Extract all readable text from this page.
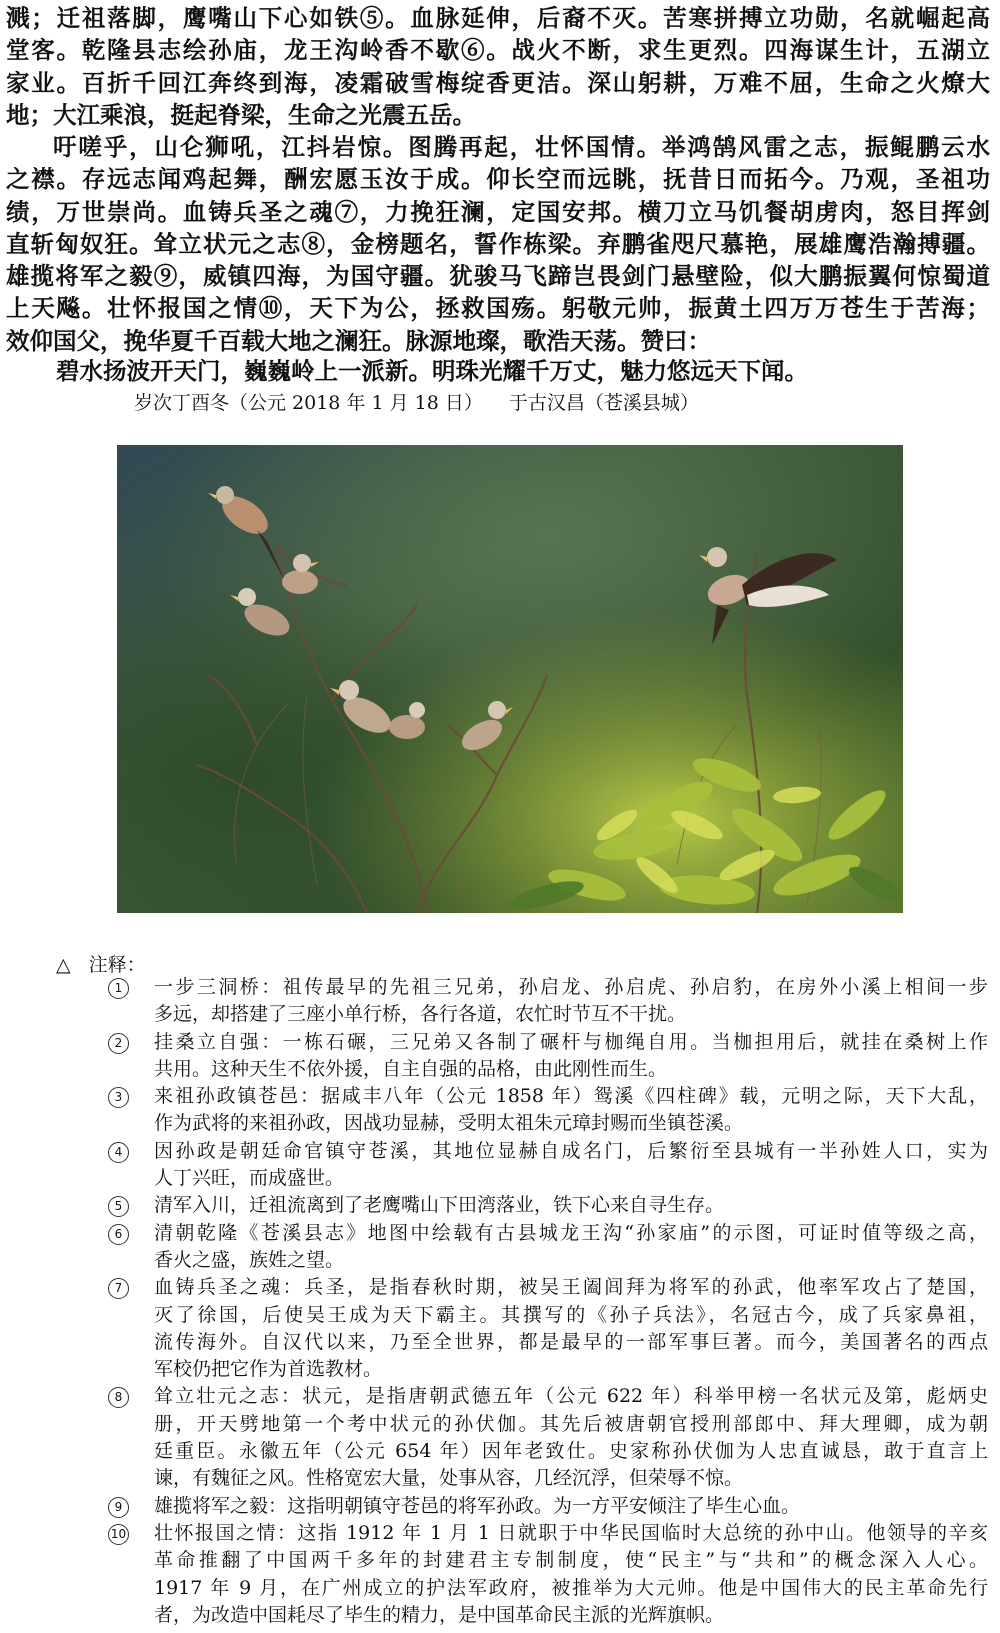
溅；迁祖落脚，鹰嘴山下心如铁⑤。血脉延伸，后裔不灭。苦寒拼搏立功勋，名就崛起高
堂客。乾隆县志绘孙庙，龙王沟岭香不歇⑥。战火不断，求生更烈。四海谋生计，五湖立
家业。百折千回江奔终到海，凌霜破雪梅绽香更洁。深山躬耕，万难不屈，生命之火燎大
地；大江乘浪，挺起脊梁，生命之光震五岳。
吁嗟乎，山仑狮吼，江抖岩惊。图腾再起，壮怀国情。举鸿鹄风雷之志，振鲲鹏云水
之襟。存远志闻鸡起舞，酬宏愿玉汝于成。仰长空而远眺，抚昔日而拓今。乃观，圣祖功
绩，万世崇尚。血铸兵圣之魂⑦，力挽狂澜，定国安邦。横刀立马饥餐胡虏肉，怒目挥剑
直斩匈奴狂。耸立状元之志⑧，金榜题名，誓作栋梁。弃鹏雀咫尺慕艳，展雄鹰浩瀚搏疆。
雄揽将军之毅⑨，威镇四海，为国守疆。犹骏马飞蹄岂畏剑门悬壁险，似大鹏振翼何惊蜀道
上天飚。壮怀报国之情⑩，天下为公，拯救国殇。躬敬元帅，振黄土四万万苍生于苦海；
效仰国父，挽华夏千百载大地之澜狂。脉源地璨，歌浩天荡。赞曰：
碧水扬波开天门，巍巍岭上一派新。明珠光耀千万丈，魅力悠远天下闻。
岁次丁酉冬（公元 2018 年 1 月 18 日） 于古汉昌（苍溪县城）
△ 注释：
1	一步三洞桥：祖传最早的先祖三兄弟，孙启龙、孙启虎、孙启豹，在房外小溪上相间一步
多远，却搭建了三座小单行桥，各行各道，农忙时节互不干扰。
2	挂桑立自强：一栋石碾，三兄弟又各制了碾杆与枷绳自用。当枷担用后，就挂在桑树上作
共用。这种天生不依外援，自主自强的品格，由此刚性而生。
3	来祖孙政镇苍邑：据咸丰八年（公元 1858 年）鸳溪《四柱碑》载，元明之际，天下大乱，
作为武将的来祖孙政，因战功显赫，受明太祖朱元璋封赐而坐镇苍溪。
4	因孙政是朝廷命官镇守苍溪，其地位显赫自成名门，后繁衍至县城有一半孙姓人口，实为
人丁兴旺，而成盛世。
5	清军入川，迁祖流离到了老鹰嘴山下田湾落业，铁下心来自寻生存。
6	清朝乾隆《苍溪县志》地图中绘载有古县城龙王沟“孙家庙”的示图，可证时值等级之高，
香火之盛，族姓之望。
7	血铸兵圣之魂：兵圣，是指春秋时期，被吴王阖闾拜为将军的孙武，他率军攻占了楚国，
灭了徐国，后使吴王成为天下霸主。其撰写的《孙子兵法》，名冠古今，成了兵家鼻祖，
流传海外。自汉代以来，乃至全世界，都是最早的一部军事巨著。而今，美国著名的西点
军校仍把它作为首选教材。
8	耸立壮元之志：状元，是指唐朝武德五年（公元 622 年）科举甲榜一名状元及第，彪炳史
册，开天劈地第一个考中状元的孙伏伽。其先后被唐朝官授刑部郎中、拜大理卿，成为朝
廷重臣。永徽五年（公元 654 年）因年老致仕。史家称孙伏伽为人忠直诚恳，敢于直言上
谏，有魏征之风。性格宽宏大量，处事从容，几经沉浮，但荣辱不惊。
9	雄揽将军之毅：这指明朝镇守苍邑的将军孙政。为一方平安倾注了毕生心血。
10 壮怀报国之情：这指 1912 年 1 月 1 日就职于中华民国临时大总统的孙中山。他领导的辛亥
革命推翻了中国两千多年的封建君主专制制度，使“民主”与“共和”的概念深入人心。
1917 年 9 月，在广州成立的护法军政府，被推举为大元帅。他是中国伟大的民主革命先行
者，为改造中国耗尽了毕生的精力，是中国革命民主派的光辉旗帜。
